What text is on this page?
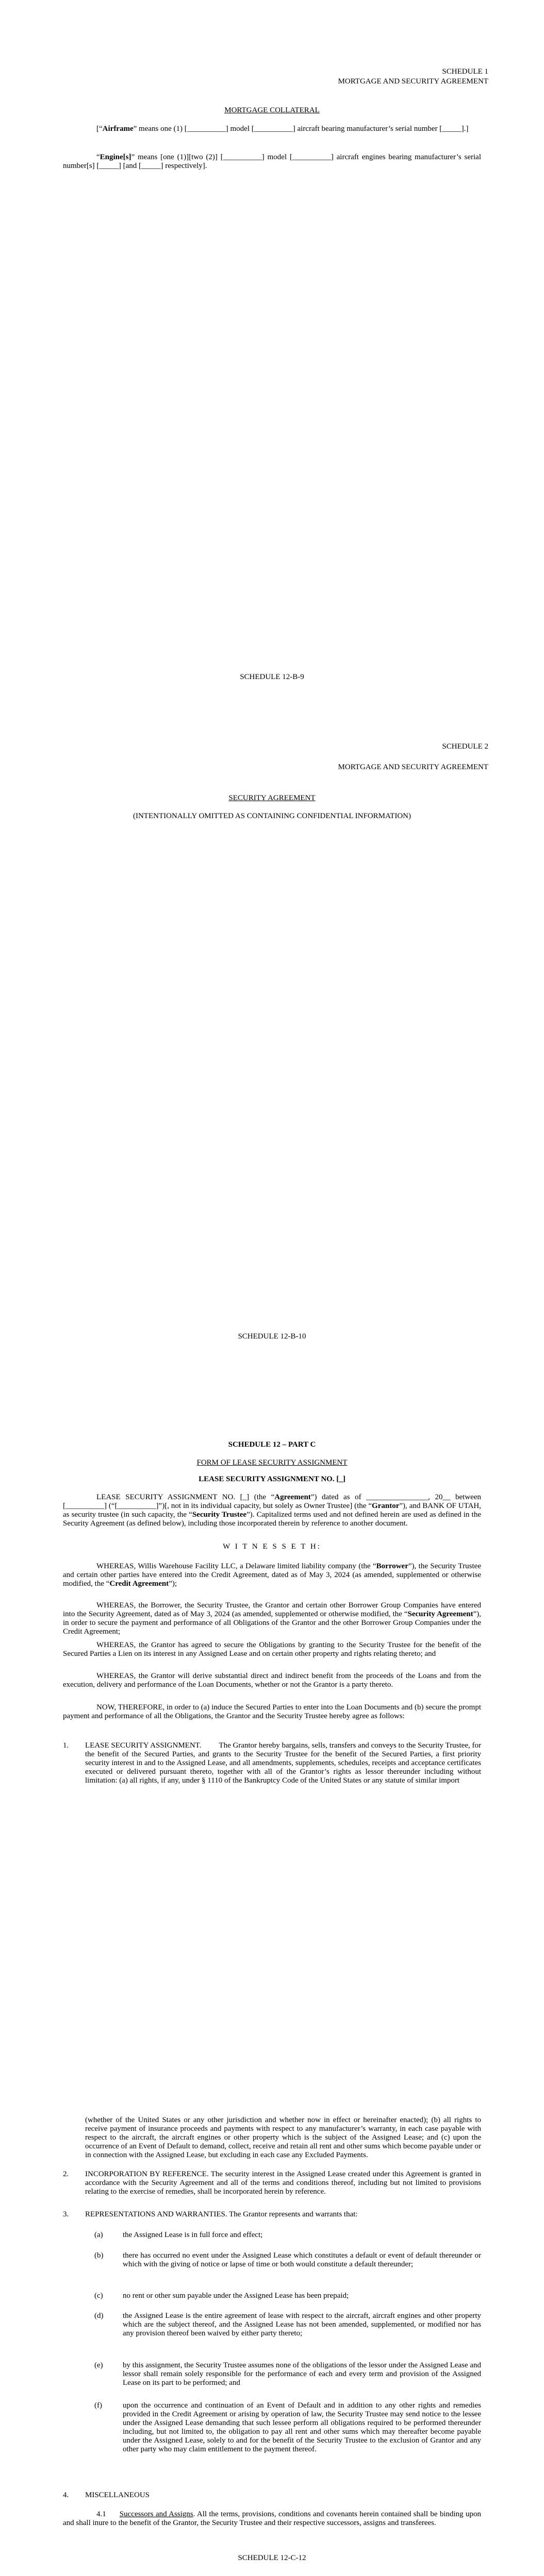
SCHEDULE 1
MORTGAGE AND SECURITY AGREEMENT
MORTGAGE COLLATERAL
[“Airframe” means one (1) [__________] model [__________] aircraft bearing manufacturer’s serial number [_____].]
“Engine[s]” means [one (1)][two (2)] [__________] model [__________] aircraft engines bearing manufacturer’s serial number[s] [_____] [and [_____] respectively].
SCHEDULE 12-B-9
SCHEDULE 2
MORTGAGE AND SECURITY AGREEMENT
SECURITY AGREEMENT
(INTENTIONALLY OMITTED AS CONTAINING CONFIDENTIAL INFORMATION)
SCHEDULE 12-B-10
SCHEDULE 12 – PART C
FORM OF LEASE SECURITY ASSIGNMENT
LEASE SECURITY ASSIGNMENT NO. [_]
LEASE SECURITY ASSIGNMENT NO. [_] (the “Agreement”) dated as of ________________, 20__ between [__________] (“[__________]”)[, not in its individual capacity, but solely as Owner Trustee] (the “Grantor”), and BANK OF UTAH, as security trustee (in such capacity, the “Security Trustee”). Capitalized terms used and not defined herein are used as defined in the Security Agreement (as defined below), including those incorporated therein by reference to another document.
W I T N E S S E T H:
WHEREAS, Willis Warehouse Facility LLC, a Delaware limited liability company (the “Borrower”), the Security Trustee and certain other parties have entered into the Credit Agreement, dated as of May 3, 2024 (as amended, supplemented or otherwise modified, the “Credit Agreement”);
WHEREAS, the Borrower, the Security Trustee, the Grantor and certain other Borrower Group Companies have entered into the Security Agreement, dated as of May 3, 2024 (as amended, supplemented or otherwise modified, the “Security Agreement”), in order to secure the payment and performance of all Obligations of the Grantor and the other Borrower Group Companies under the Credit Agreement;
WHEREAS, the Grantor has agreed to secure the Obligations by granting to the Security Trustee for the benefit of the Secured Parties a Lien on its interest in any Assigned Lease and on certain other property and rights relating thereto; and
WHEREAS, the Grantor will derive substantial direct and indirect benefit from the proceeds of the Loans and from the execution, delivery and performance of the Loan Documents, whether or not the Grantor is a party thereto.
NOW, THEREFORE, in order to (a) induce the Secured Parties to enter into the Loan Documents and (b) secure the prompt payment and performance of all the Obligations, the Grantor and the Security Trustee hereby agree as follows:
1. LEASE SECURITY ASSIGNMENT. The Grantor hereby bargains, sells, transfers and conveys to the Security Trustee, for the benefit of the Secured Parties, and grants to the Security Trustee for the benefit of the Secured Parties, a first priority security interest in and to the Assigned Lease, and all amendments, supplements, schedules, receipts and acceptance certificates executed or delivered pursuant thereto, together with all of the Grantor’s rights as lessor thereunder including without limitation: (a) all rights, if any, under § 1110 of the Bankruptcy Code of the United States or any statute of similar import
(whether of the United States or any other jurisdiction and whether now in effect or hereinafter enacted); (b) all rights to receive payment of insurance proceeds and payments with respect to any manufacturer’s warranty, in each case payable with respect to the aircraft, the aircraft engines or other property which is the subject of the Assigned Lease; and (c) upon the occurrence of an Event of Default to demand, collect, receive and retain all rent and other sums which become payable under or in connection with the Assigned Lease, but excluding in each case any Excluded Payments.
2. INCORPORATION BY REFERENCE. The security interest in the Assigned Lease created under this Agreement is granted in accordance with the Security Agreement and all of the terms and conditions thereof, including but not limited to provisions relating to the exercise of remedies, shall be incorporated herein by reference.
3. REPRESENTATIONS AND WARRANTIES. The Grantor represents and warrants that:
(a)	the Assigned Lease is in full force and effect;
(b)	there has occurred no event under the Assigned Lease which constitutes a default or event of default thereunder or which with the giving of notice or lapse of time or both would constitute a default thereunder;
(c)	no rent or other sum payable under the Assigned Lease has been prepaid;
(d)	the Assigned Lease is the entire agreement of lease with respect to the aircraft, aircraft engines and other property which are the subject thereof, and the Assigned Lease has not been amended, supplemented, or modified nor has any provision thereof been waived by either party thereto;
(e)	by this assignment, the Security Trustee assumes none of the obligations of the lessor under the Assigned Lease and lessor shall remain solely responsible for the performance of each and every term and provision of the Assigned Lease on its part to be performed; and
(f)	upon the occurrence and continuation of an Event of Default and in addition to any other rights and remedies provided in the Credit Agreement or arising by operation of law, the Security Trustee may send notice to the lessee under the Assigned Lease demanding that such lessee perform all obligations required to be performed thereunder including, but not limited to, the obligation to pay all rent and other sums which may thereafter become payable under the Assigned Lease, solely to and for the benefit of the Security Trustee to the exclusion of Grantor and any other party who may claim entitlement to the payment thereof.
4. MISCELLANEOUS
4.1 Successors and Assigns. All the terms, provisions, conditions and covenants herein contained shall be binding upon and shall inure to the benefit of the Grantor, the Security Trustee and their respective successors, assigns and transferees.
SCHEDULE 12-C-12
